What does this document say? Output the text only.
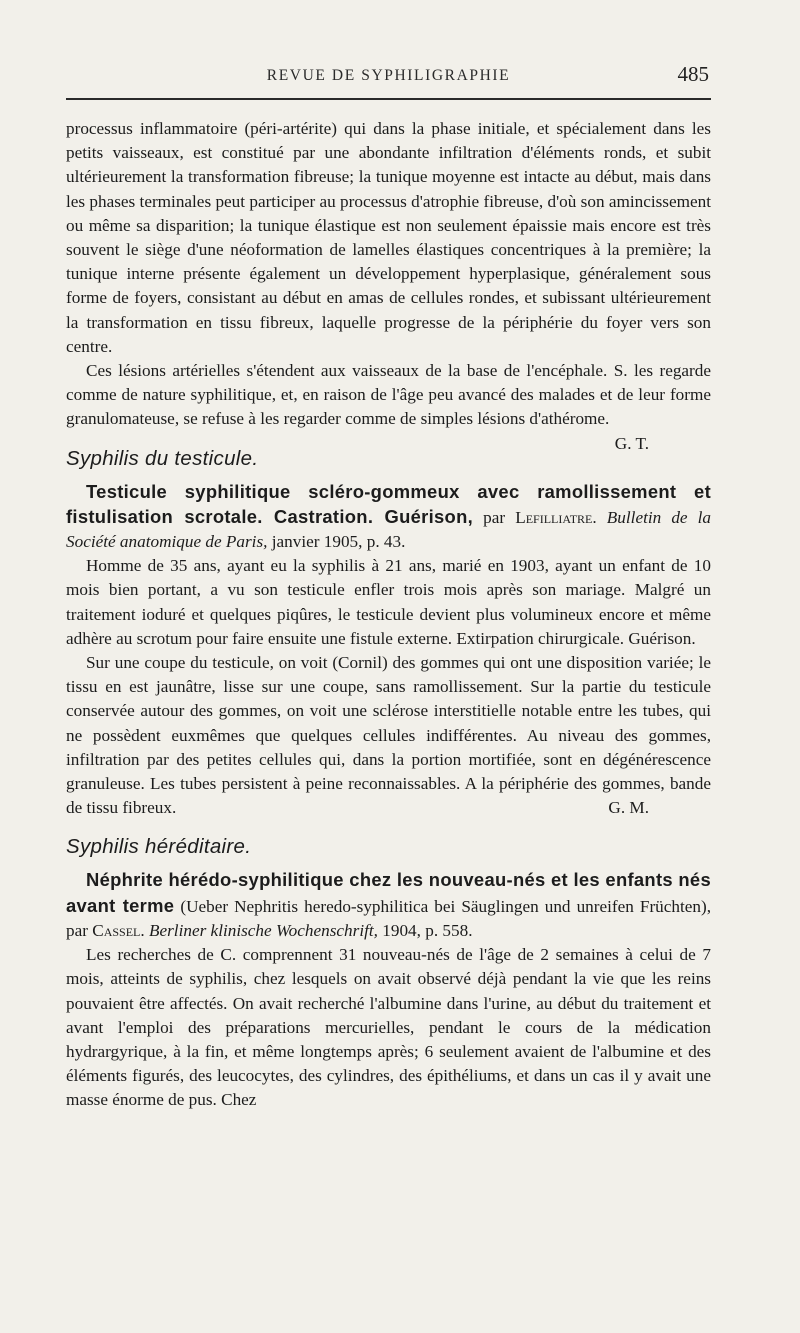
REVUE DE SYPHILIGRAPHIE	485

processus inflammatoire (péri-artérite) qui dans la phase initiale, et spécialement dans les petits vaisseaux, est constitué par une abondante infiltration d'éléments ronds, et subit ultérieurement la transformation fibreuse; la tunique moyenne est intacte au début, mais dans les phases terminales peut participer au processus d'atrophie fibreuse, d'où son amincissement ou même sa disparition; la tunique élastique est non seulement épaissie mais encore est très souvent le siège d'une néoformation de lamelles élastiques concentriques à la première; la tunique interne présente également un développement hyperplasique, généralement sous forme de foyers, consistant au début en amas de cellules rondes, et subissant ultérieurement la transformation en tissu fibreux, laquelle progresse de la périphérie du foyer vers son centre.

Ces lésions artérielles s'étendent aux vaisseaux de la base de l'encéphale. S. les regarde comme de nature syphilitique, et, en raison de l'âge peu avancé des malades et de leur forme granulomateuse, se refuse à les regarder comme de simples lésions d'athérome.
G. T.

Syphilis du testicule.

Testicule syphilitique scléro-gommeux avec ramollissement et fistulisation scrotale. Castration. Guérison, par Lefilliatre. Bulletin de la Société anatomique de Paris, janvier 1905, p. 43.

Homme de 35 ans, ayant eu la syphilis à 21 ans, marié en 1903, ayant un enfant de 10 mois bien portant, a vu son testicule enfler trois mois après son mariage. Malgré un traitement ioduré et quelques piqûres, le testicule devient plus volumineux encore et même adhère au scrotum pour faire ensuite une fistule externe. Extirpation chirurgicale. Guérison.

Sur une coupe du testicule, on voit (Cornil) des gommes qui ont une disposition variée; le tissu en est jaunâtre, lisse sur une coupe, sans ramollissement. Sur la partie du testicule conservée autour des gommes, on voit une sclérose interstitielle notable entre les tubes, qui ne possèdent euxmêmes que quelques cellules indifférentes. Au niveau des gommes, infiltration par des petites cellules qui, dans la portion mortifiée, sont en dégénérescence granuleuse. Les tubes persistent à peine reconnaissables. A la périphérie des gommes, bande de tissu fibreux.	G. M.

Syphilis héréditaire.

Néphrite hérédo-syphilitique chez les nouveau-nés et les enfants nés avant terme (Ueber Nephritis heredo-syphilitica bei Säuglingen und unreifen Früchten), par Cassel. Berliner klinische Wochenschrift, 1904, p. 558.

Les recherches de C. comprennent 31 nouveau-nés de l'âge de 2 semaines à celui de 7 mois, atteints de syphilis, chez lesquels on avait observé déjà pendant la vie que les reins pouvaient être affectés. On avait recherché l'albumine dans l'urine, au début du traitement et avant l'emploi des préparations mercurielles, pendant le cours de la médication hydrargyrique, à la fin, et même longtemps après; 6 seulement avaient de l'albumine et des éléments figurés, des leucocytes, des cylindres, des épithéliums, et dans un cas il y avait une masse énorme de pus. Chez
